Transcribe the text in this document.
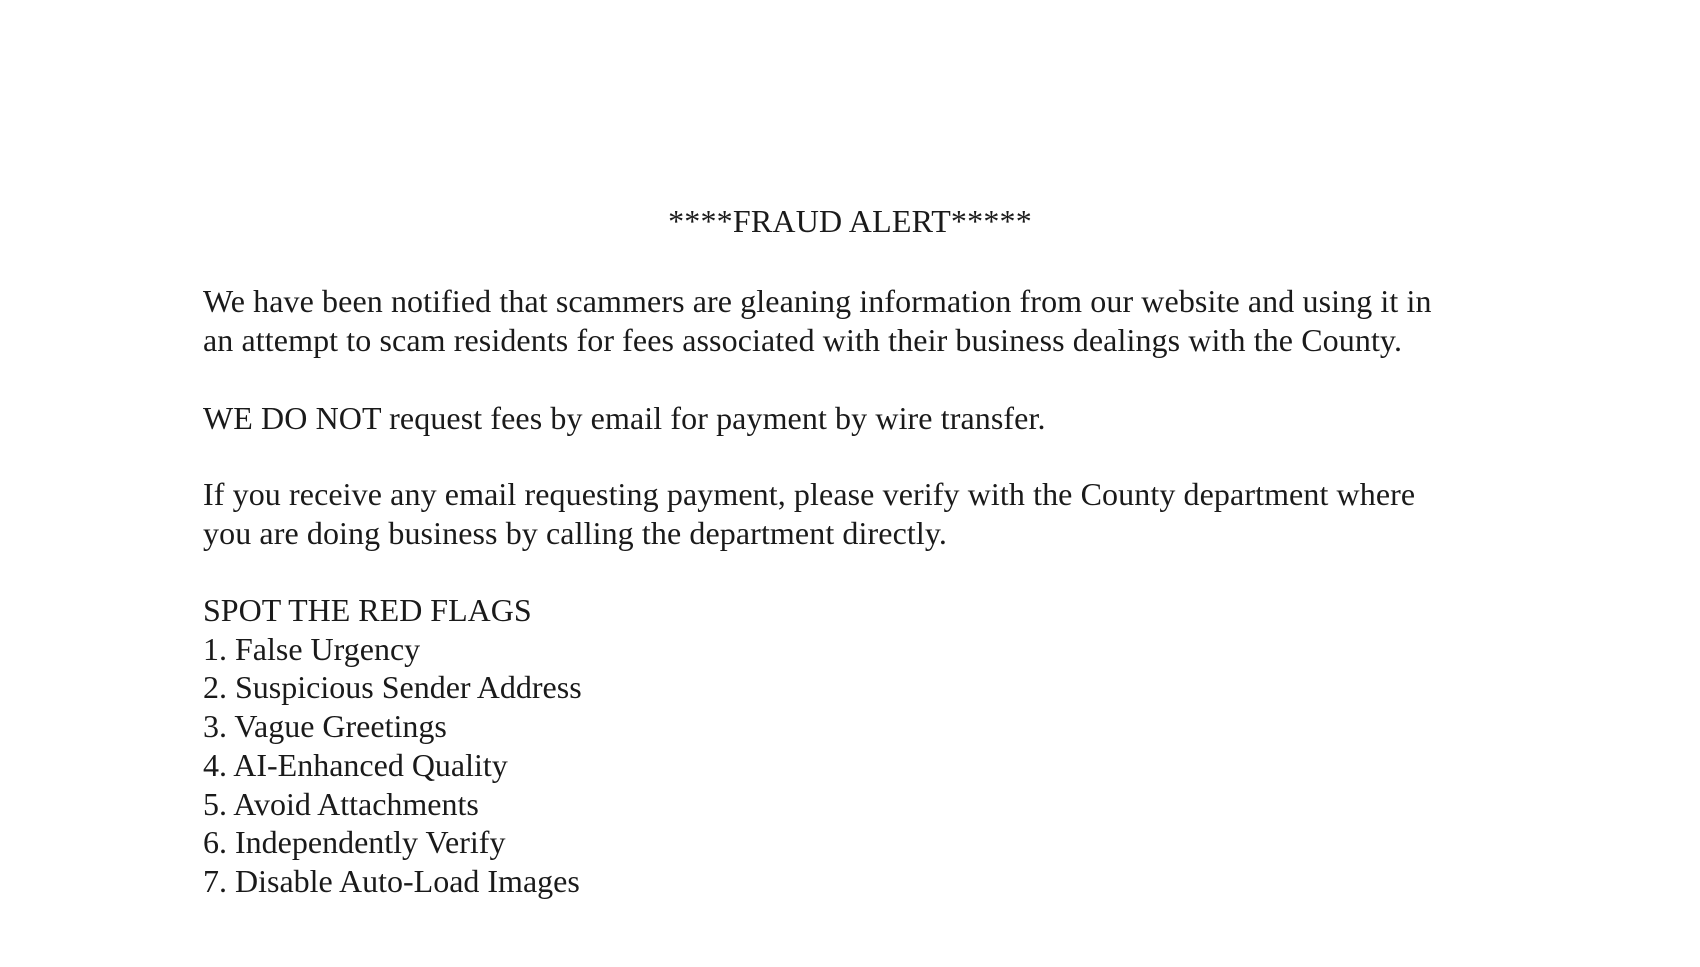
****FRAUD ALERT*****

We have been notified that scammers are gleaning information from our website and using it in
an attempt to scam residents for fees associated with their business dealings with the County.

WE DO NOT request fees by email for payment by wire transfer.

If you receive any email requesting payment, please verify with the County department where
you are doing business by calling the department directly.

SPOT THE RED FLAGS
1. False Urgency
2. Suspicious Sender Address
3. Vague Greetings
4. AI-Enhanced Quality
5. Avoid Attachments
6. Independently Verify
7. Disable Auto-Load Images
